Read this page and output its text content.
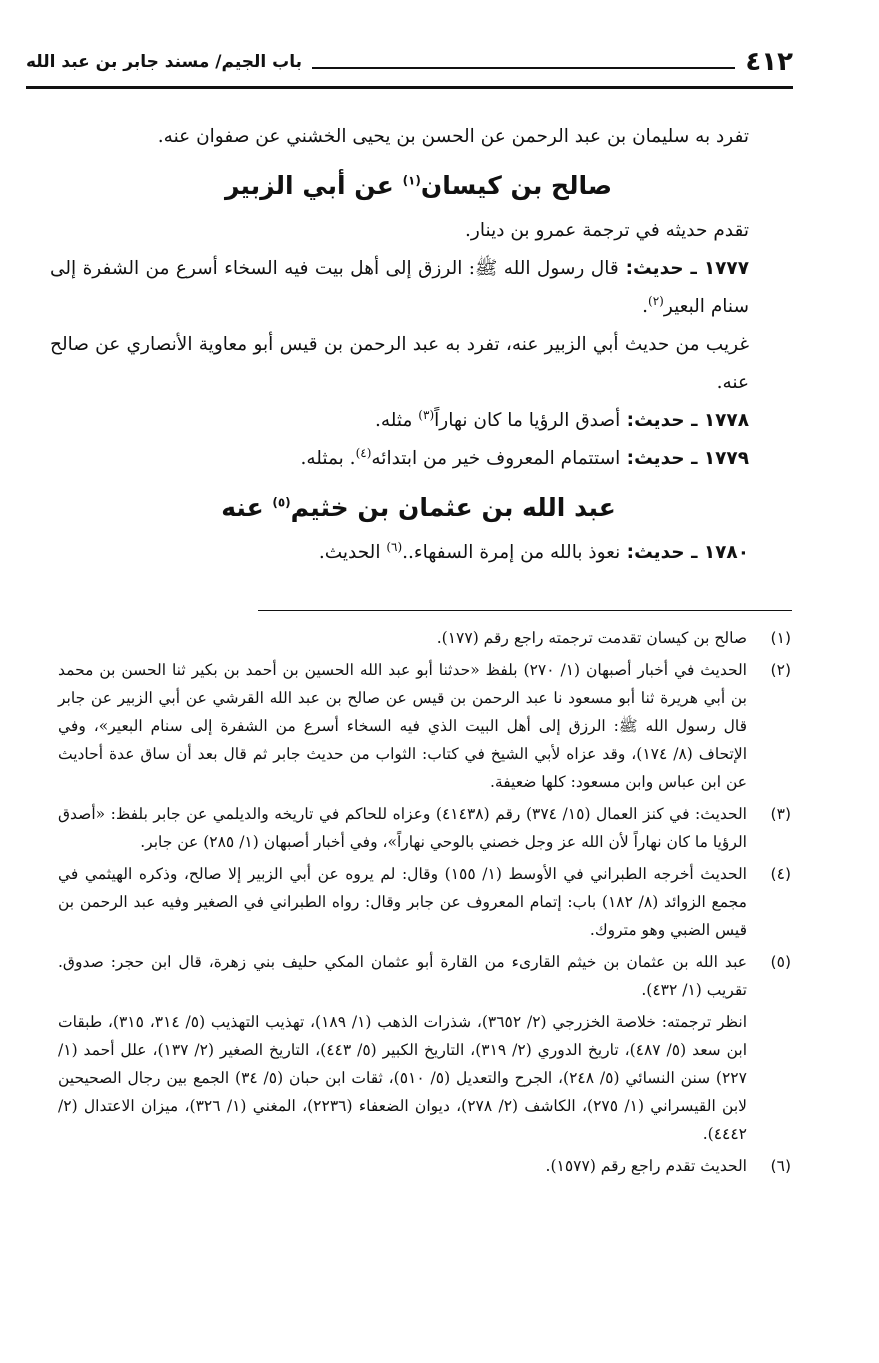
٤١٢
باب الجيم/ مسند جابر بن عبد الله

تفرد به سليمان بن عبد الرحمن عن الحسن بن يحيى الخشني عن صفوان عنه.

صالح بن كيسان$^{(١)}$ عن أبي الزبير

تقدم حديثه في ترجمة عمرو بن دينار.

١٧٧٧ ـ حديث: قال رسول الله ﷺ: الرزق إلى أهل بيت فيه السخاء أسرع من الشفرة إلى سنام البعير$^{(٢)}$.

غريب من حديث أبي الزبير عنه، تفرد به عبد الرحمن بن قيس أبو معاوية الأنصاري عن صالح عنه.

١٧٧٨ ـ حديث: أصدق الرؤيا ما كان نهاراً$^{(٣)}$ مثله.

١٧٧٩ ـ حديث: استتمام المعروف خير من ابتدائه$^{(٤)}$. بمثله.

عبد الله بن عثمان بن خثيم$^{(٥)}$ عنه

١٧٨٠ ـ حديث: نعوذ بالله من إمرة السفهاء..$^{(٦)}$ الحديث.

(١)
صالح بن كيسان تقدمت ترجمته راجع رقم (١٧٧).
(٢)
الحديث في أخبار أصبهان (١/ ٢٧٠) بلفظ «حدثنا أبو عبد الله الحسين بن أحمد بن بكير ثنا الحسن بن محمد بن أبي هريرة ثنا أبو مسعود نا عبد الرحمن بن قيس عن صالح بن عبد الله القرشي عن أبي الزبير عن جابر قال رسول الله ﷺ: الرزق إلى أهل البيت الذي فيه السخاء أسرع من الشفرة إلى سنام البعير»، وفي الإتحاف (٨/ ١٧٤)، وقد عزاه لأبي الشيخ في كتاب: الثواب من حديث جابر ثم قال بعد أن ساق عدة أحاديث عن ابن عباس وابن مسعود: كلها ضعيفة.
(٣)
الحديث: في كنز العمال (١٥/ ٣٧٤) رقم (٤١٤٣٨) وعزاه للحاكم في تاريخه والديلمي عن جابر بلفظ: «أصدق الرؤيا ما كان نهاراً لأن الله عز وجل خصني بالوحي نهاراً»، وفي أخبار أصبهان (١/ ٢٨٥) عن جابر.
(٤)
الحديث أخرجه الطبراني في الأوسط (١/ ١٥٥) وقال: لم يروه عن أبي الزبير إلا صالح، وذكره الهيثمي في مجمع الزوائد (٨/ ١٨٢) باب: إتمام المعروف عن جابر وقال: رواه الطبراني في الصغير وفيه عبد الرحمن بن قيس الضبي وهو متروك.
(٥)
عبد الله بن عثمان بن خيثم القارىء من القارة أبو عثمان المكي حليف بني زهرة، قال ابن حجر: صدوق. تقريب (١/ ٤٣٢).

انظر ترجمته: خلاصة الخزرجي (٢/ ٣٦٥٢)، شذرات الذهب (١/ ١٨٩)، تهذيب التهذيب (٥/ ٣١٤، ٣١٥)، طبقات ابن سعد (٥/ ٤٨٧)، تاريخ الدوري (٢/ ٣١٩)، التاريخ الكبير (٥/ ٤٤٣)، التاريخ الصغير (٢/ ١٣٧)، علل أحمد (١/ ٢٢٧) سنن النسائي (٥/ ٢٤٨)، الجرح والتعديل (٥/ ٥١٠)، ثقات ابن حبان (٥/ ٣٤) الجمع بين رجال الصحيحين لابن القيسراني (١/ ٢٧٥)، الكاشف (٢/ ٢٧٨)، ديوان الضعفاء (٢٢٣٦)، المغني (١/ ٣٢٦)، ميزان الاعتدال (٢/ ٤٤٤٢).

(٦)
الحديث تقدم راجع رقم (١٥٧٧).
